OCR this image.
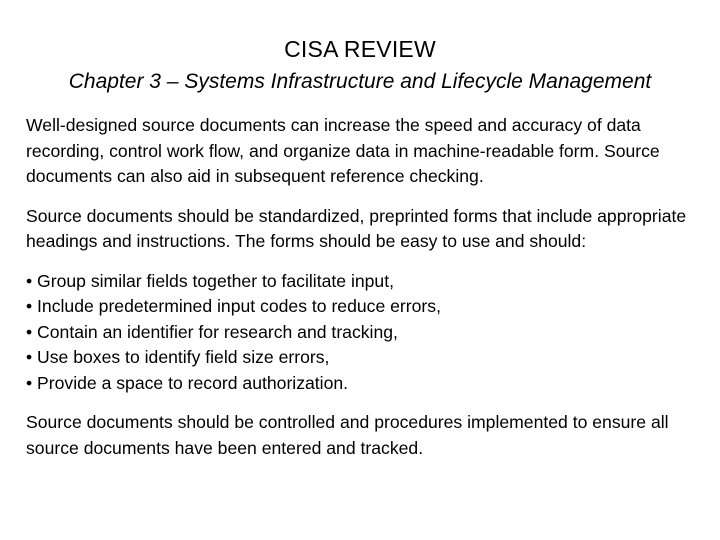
CISA REVIEW
Chapter 3 – Systems Infrastructure and Lifecycle Management

Well-designed source documents can increase the speed and accuracy of data recording, control work flow, and organize data in machine-readable form. Source documents can also aid in subsequent reference checking.

Source documents should be standardized, preprinted forms that include appropriate headings and instructions. The forms should be easy to use and should:

• Group similar fields together to facilitate input,
• Include predetermined input codes to reduce errors,
• Contain an identifier for research and tracking,
• Use boxes to identify field size errors,
• Provide a space to record authorization.

Source documents should be controlled and procedures implemented to ensure all source documents have been entered and tracked.
